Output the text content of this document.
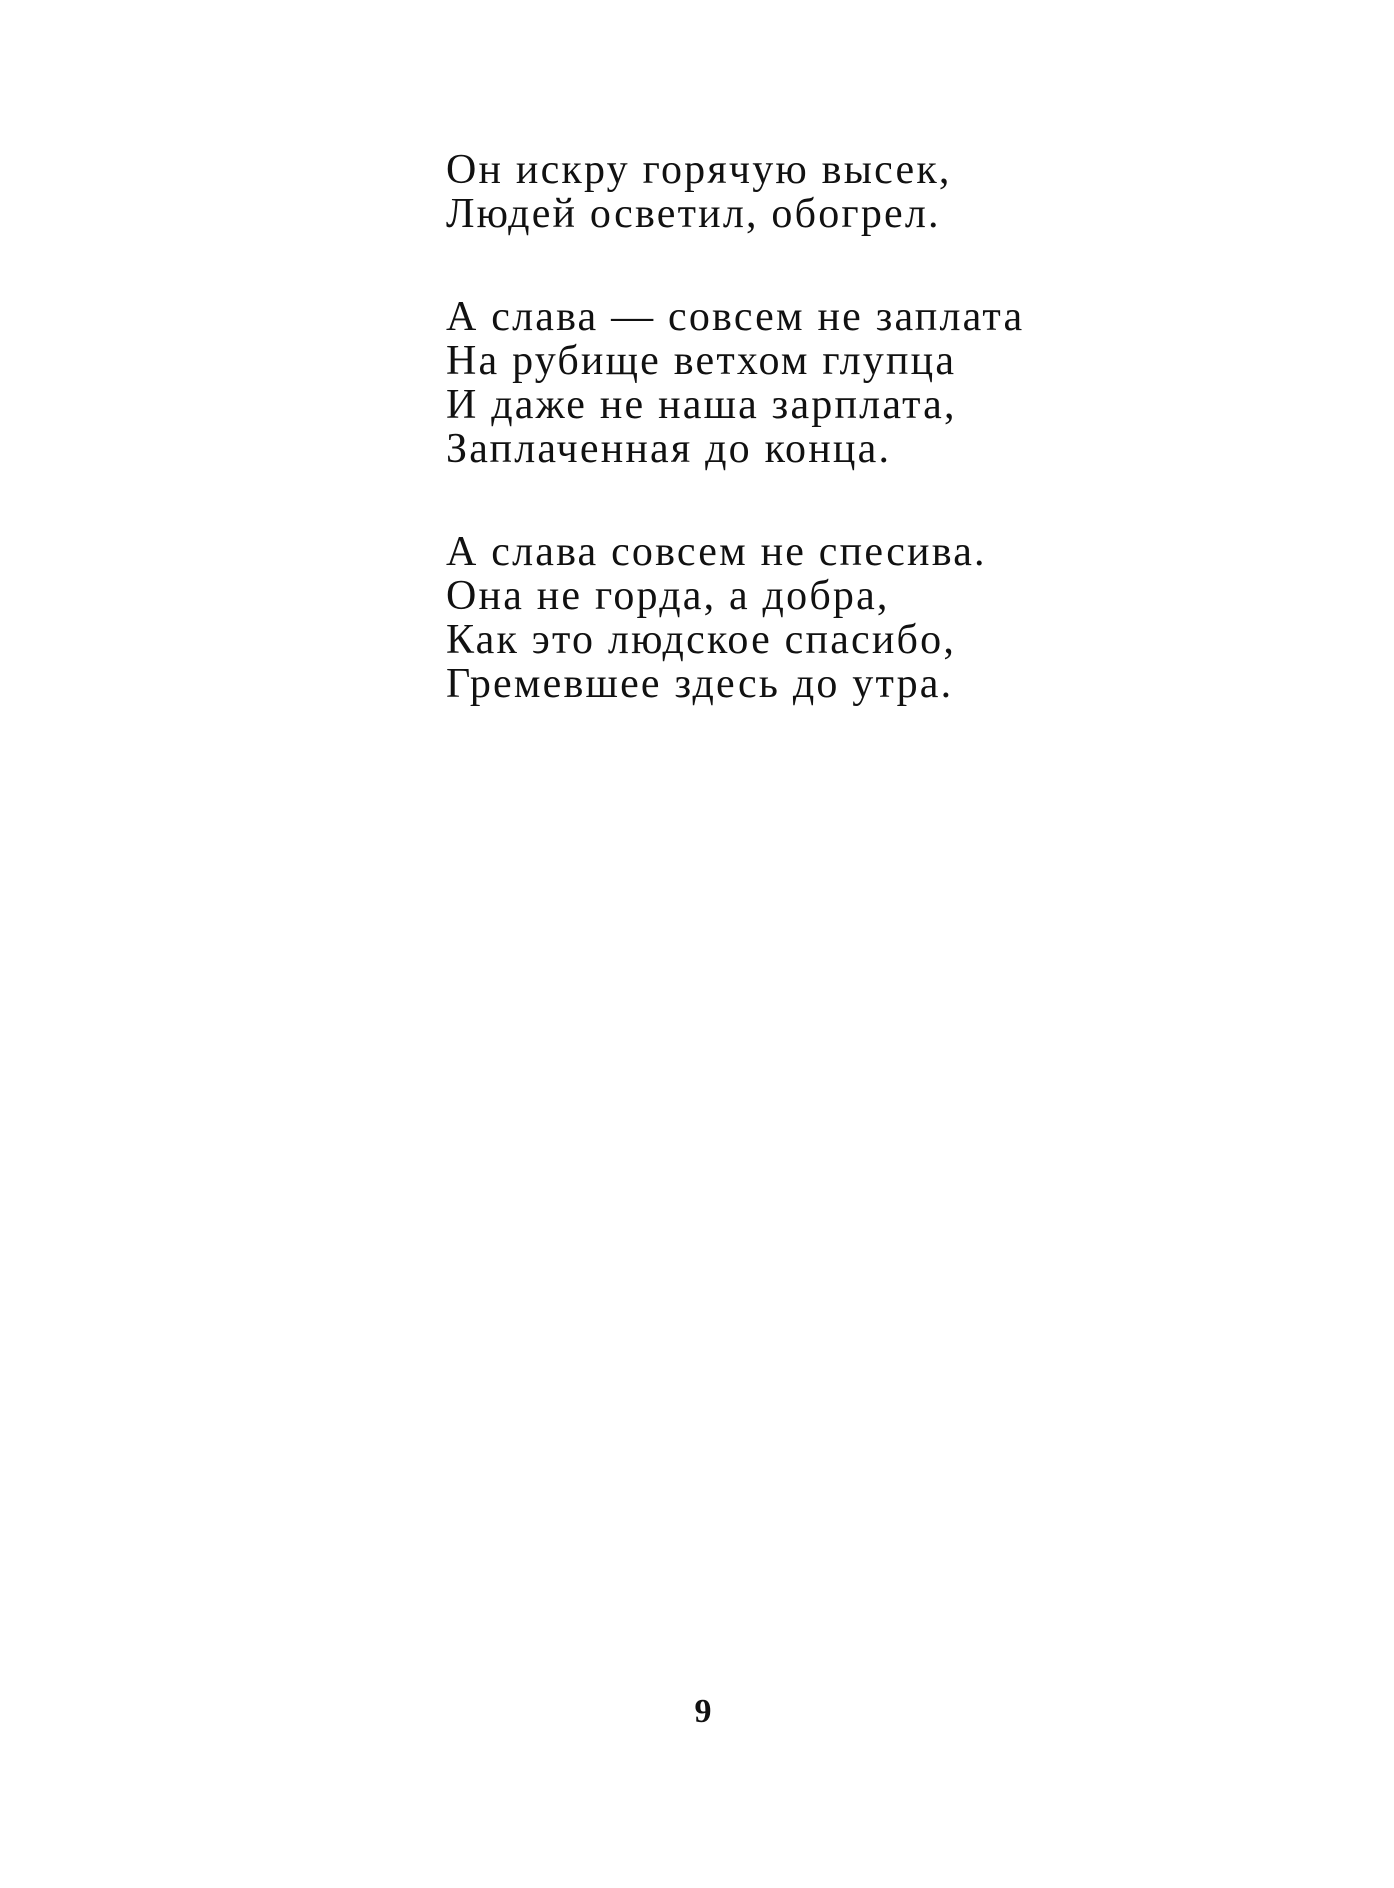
Он искру горячую высек,
Людей осветил, обогрел.
А слава — совсем не заплата
На рубище ветхом глупца
И даже не наша зарплата,
Заплаченная до конца.
А слава совсем не спесива.
Она не горда, а добра,
Как это людское спасибо,
Гремевшее здесь до утра.
9
